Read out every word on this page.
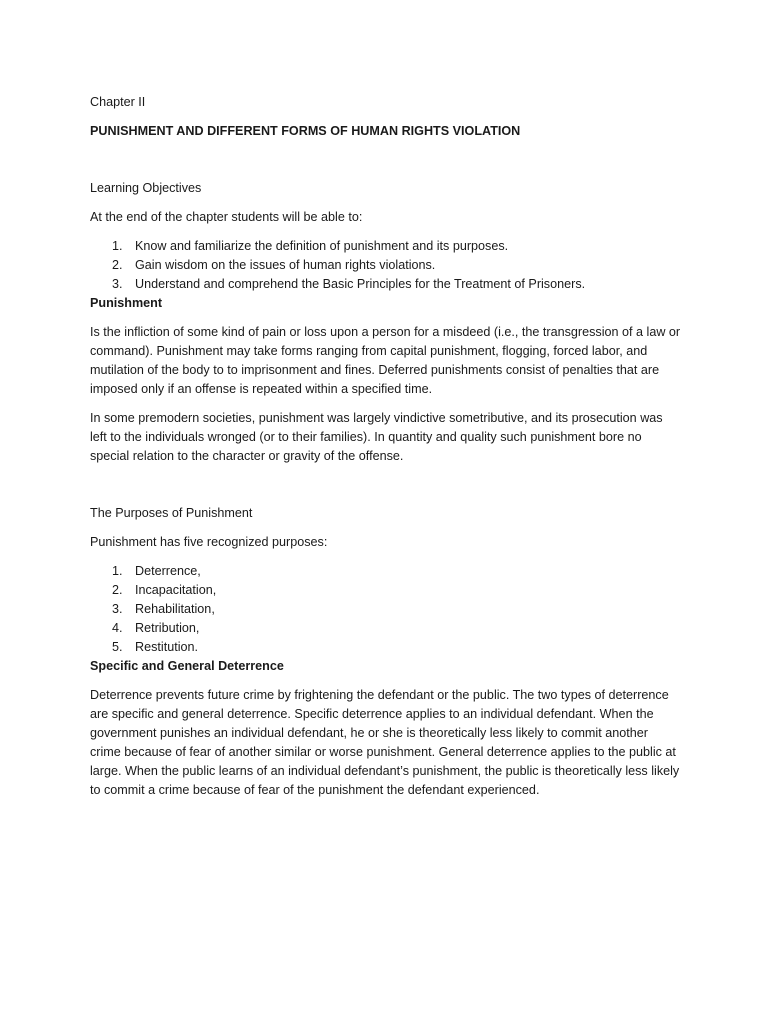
Chapter II

PUNISHMENT AND DIFFERENT FORMS OF HUMAN RIGHTS VIOLATION

Learning Objectives

At the end of the chapter students will be able to:

1. Know and familiarize the definition of punishment and its purposes.
2. Gain wisdom on the issues of human rights violations.
3. Understand and comprehend the Basic Principles for the Treatment of Prisoners.

Punishment

Is the infliction of some kind of pain or loss upon a person for a misdeed (i.e., the transgression of a law or command). Punishment may take forms ranging from capital punishment, flogging, forced labor, and mutilation of the body to to imprisonment and fines. Deferred punishments consist of penalties that are imposed only if an offense is repeated within a specified time.

In some premodern societies, punishment was largely vindictive sometributive, and its prosecution was left to the individuals wronged (or to their families). In quantity and quality such punishment bore no special relation to the character or gravity of the offense.

The Purposes of Punishment

Punishment has five recognized purposes:

1. Deterrence,
2. Incapacitation,
3. Rehabilitation,
4. Retribution,
5. Restitution.

Specific and General Deterrence

Deterrence prevents future crime by frightening the defendant or the public. The two types of deterrence are specific and general deterrence. Specific deterrence applies to an individual defendant. When the government punishes an individual defendant, he or she is theoretically less likely to commit another crime because of fear of another similar or worse punishment. General deterrence applies to the public at large. When the public learns of an individual defendant’s punishment, the public is theoretically less likely to commit a crime because of fear of the punishment the defendant experienced.
